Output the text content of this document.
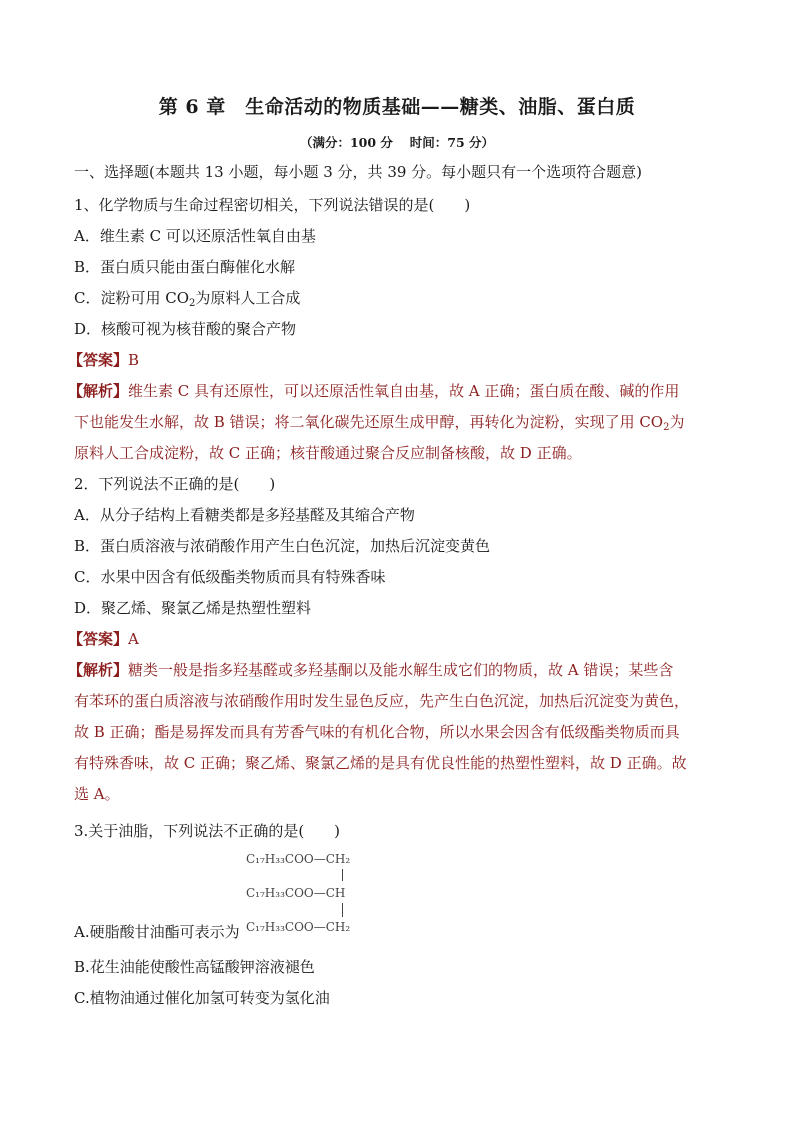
第 6 章　生命活动的物质基础——糖类、油脂、蛋白质
（满分：100 分　 时间：75 分）
一、选择题(本题共 13 小题，每小题 3 分，共 39 分。每小题只有一个选项符合题意)
1、化学物质与生命过程密切相关，下列说法错误的是(　　)
A．维生素 C 可以还原活性氧自由基
B．蛋白质只能由蛋白酶催化水解
C．淀粉可用 $CO_2$为原料人工合成
D．核酸可视为核苷酸的聚合产物
【答案】B
【解析】维生素 C 具有还原性，可以还原活性氧自由基，故 A 正确；蛋白质在酸、碱的作用
下也能发生水解，故 B 错误；将二氧化碳先还原生成甲醇，再转化为淀粉，实现了用 $CO_2$为
原料人工合成淀粉，故 C 正确；核苷酸通过聚合反应制备核酸，故 D 正确。
2．下列说法不正确的是(　　)
A．从分子结构上看糖类都是多羟基醛及其缩合产物
B．蛋白质溶液与浓硝酸作用产生白色沉淀，加热后沉淀变黄色
C．水果中因含有低级酯类物质而具有特殊香味
D．聚乙烯、聚氯乙烯是热塑性塑料
【答案】A
【解析】糖类一般是指多羟基醛或多羟基酮以及能水解生成它们的物质，故 A 错误；某些含
有苯环的蛋白质溶液与浓硝酸作用时发生显色反应，先产生白色沉淀，加热后沉淀变为黄色，
故 B 正确；酯是易挥发而具有芳香气味的有机化合物，所以水果会因含有低级酯类物质而具
有特殊香味，故 C 正确；聚乙烯、聚氯乙烯的是具有优良性能的热塑性塑料，故 D 正确。故
选 A。
3.关于油脂，下列说法不正确的是(　　)
C₁₇H₃₃COO—CH₂
C₁₇H₃₃COO—CH
C₁₇H₃₃COO—CH₂
A.硬脂酸甘油酯可表示为
B.花生油能使酸性高锰酸钾溶液褪色
C.植物油通过催化加氢可转变为氢化油
